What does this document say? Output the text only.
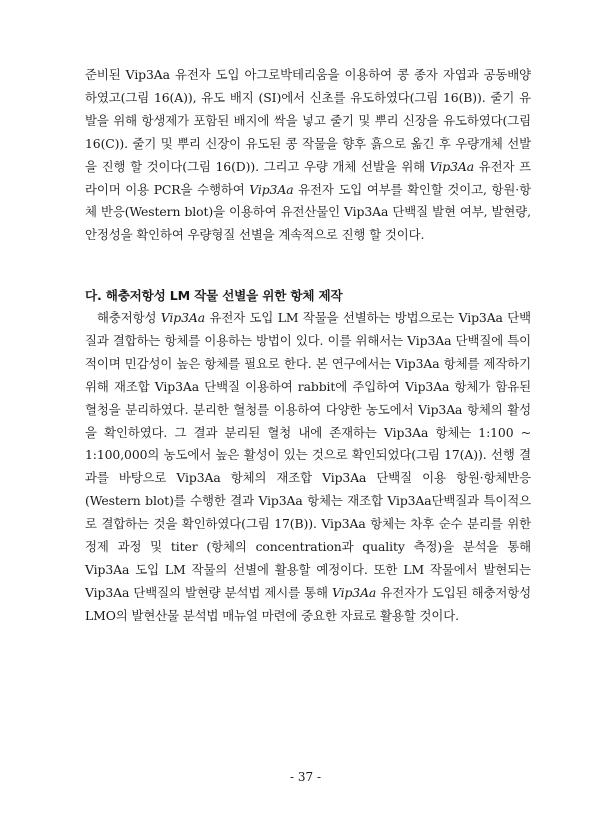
준비된 Vip3Aa 유전자 도입 아그로박테리움을 이용하여 콩 종자 자엽과 공동배양 하였고(그림 16(A)), 유도 배지 (SI)에서 신초를 유도하였다(그림 16(B)). 줄기 유발을 위해 항생제가 포함된 배지에 싹을 넣고 줄기 및 뿌리 신장을 유도하였다(그림 16(C)). 줄기 및 뿌리 신장이 유도된 콩 작물을 향후 흙으로 옮긴 후 우량개체 선발을 진행 할 것이다(그림 16(D)). 그리고 우량 개체 선발을 위해 Vip3Aa 유전자 프라이머 이용 PCR을 수행하여 Vip3Aa 유전자 도입 여부를 확인할 것이고, 항원·항체 반응(Western blot)을 이용하여 유전산물인 Vip3Aa 단백질 발현 여부, 발현량, 안정성을 확인하여 우량형질 선별을 계속적으로 진행 할 것이다.

다. 해충저항성 LM 작물 선별을 위한 항체 제작

해충저항성 Vip3Aa 유전자 도입 LM 작물을 선별하는 방법으로는 Vip3Aa 단백질과 결합하는 항체를 이용하는 방법이 있다. 이를 위해서는 Vip3Aa 단백질에 특이적이며 민감성이 높은 항체를 필요로 한다. 본 연구에서는 Vip3Aa 항체를 제작하기 위해 재조합 Vip3Aa 단백질 이용하여 rabbit에 주입하여 Vip3Aa 항체가 함유된 혈청을 분리하였다. 분리한 혈청를 이용하여 다양한 농도에서 Vip3Aa 항체의 활성을 확인하였다. 그 결과 분리된 혈청 내에 존재하는 Vip3Aa 항체는 1:100 ~ 1:100,000의 농도에서 높은 활성이 있는 것으로 확인되었다(그림 17(A)). 선행 결과를 바탕으로 Vip3Aa 항체의 재조합 Vip3Aa 단백질 이용 항원·항체반응(Western blot)를 수행한 결과 Vip3Aa 항체는 재조합 Vip3Aa단백질과 특이적으로 결합하는 것을 확인하였다(그림 17(B)). Vip3Aa 항체는 차후 순수 분리를 위한 정제 과정 및 titer (항체의 concentration과 quality 측정)을 분석을 통해 Vip3Aa 도입 LM 작물의 선별에 활용할 예정이다. 또한 LM 작물에서 발현되는 Vip3Aa 단백질의 발현량 분석법 제시를 통해 Vip3Aa 유전자가 도입된 해충저항성 LMO의 발현산물 분석법 매뉴얼 마련에 중요한 자료로 활용할 것이다.

- 37 -
